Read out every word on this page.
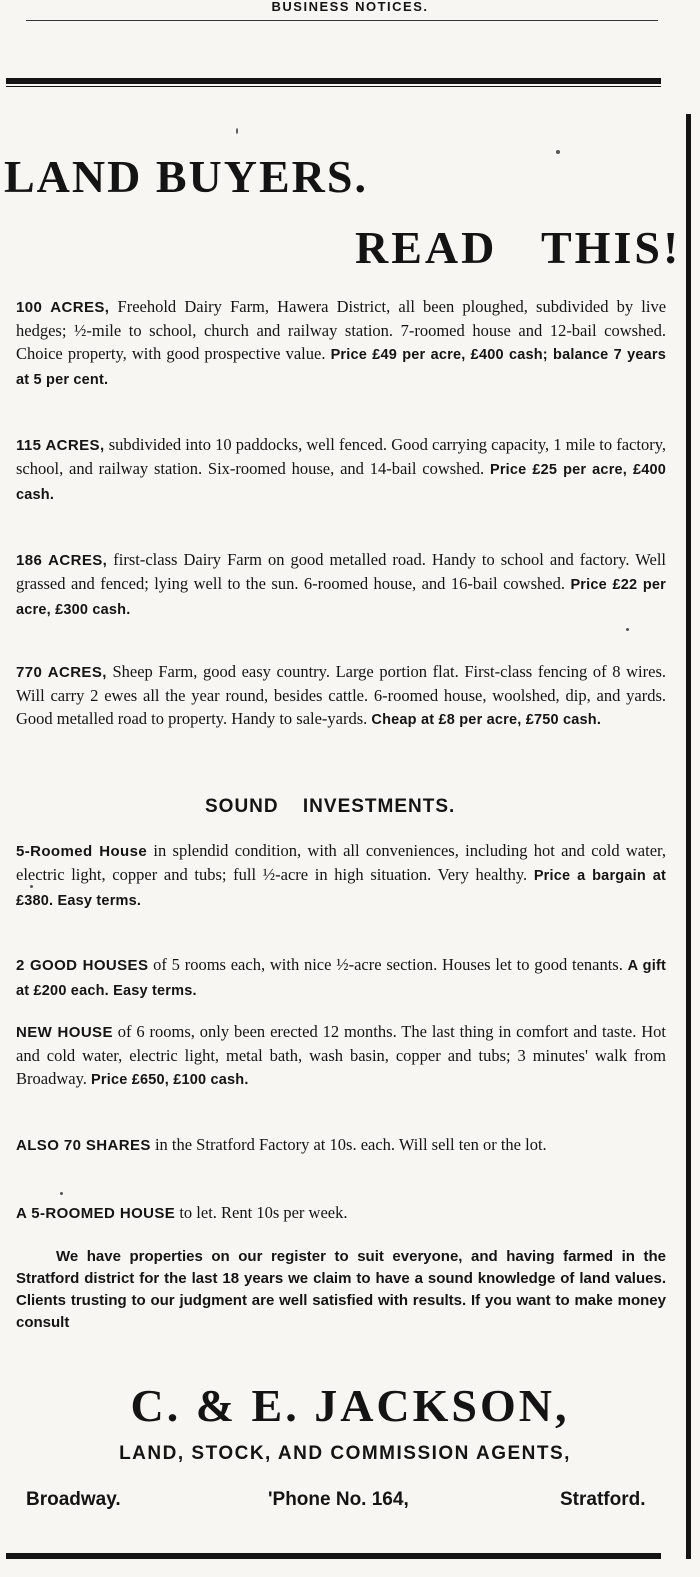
BUSINESS NOTICES.
LAND BUYERS.
READ THIS!
100 ACRES, Freehold Dairy Farm, Hawera District, all been ploughed, subdivided by live hedges; ½-mile to school, church and railway station. 7-roomed house and 12-bail cowshed. Choice property, with good prospective value. Price £49 per acre, £400 cash; balance 7 years at 5 per cent.
115 ACRES, subdivided into 10 paddocks, well fenced. Good carrying capacity, 1 mile to factory, school, and railway station. Six-roomed house, and 14-bail cowshed. Price £25 per acre, £400 cash.
186 ACRES, first-class Dairy Farm on good metalled road. Handy to school and factory. Well grassed and fenced; lying well to the sun. 6-roomed house, and 16-bail cowshed. Price £22 per acre, £300 cash.
770 ACRES, Sheep Farm, good easy country. Large portion flat. First-class fencing of 8 wires. Will carry 2 ewes all the year round, besides cattle. 6-roomed house, woolshed, dip, and yards. Good metalled road to property. Handy to sale-yards. Cheap at £8 per acre, £750 cash.
SOUND INVESTMENTS.
5-Roomed House in splendid condition, with all conveniences, including hot and cold water, electric light, copper and tubs; full ½-acre in high situation. Very healthy. Price a bargain at £380. Easy terms.
2 GOOD HOUSES of 5 rooms each, with nice ½-acre section. Houses let to good tenants. A gift at £200 each. Easy terms.
NEW HOUSE of 6 rooms, only been erected 12 months. The last thing in comfort and taste. Hot and cold water, electric light, metal bath, wash basin, copper and tubs; 3 minutes' walk from Broadway. Price £650, £100 cash.
ALSO 70 SHARES in the Stratford Factory at 10s. each. Will sell ten or the lot.
A 5-ROOMED HOUSE to let. Rent 10s per week.
We have properties on our register to suit everyone, and having farmed in the Stratford district for the last 18 years we claim to have a sound knowledge of land values. Clients trusting to our judgment are well satisfied with results. If you want to make money consult
C. & E. JACKSON,
LAND, STOCK, AND COMMISSION AGENTS,
Broadway.	'Phone No. 164,	Stratford.
